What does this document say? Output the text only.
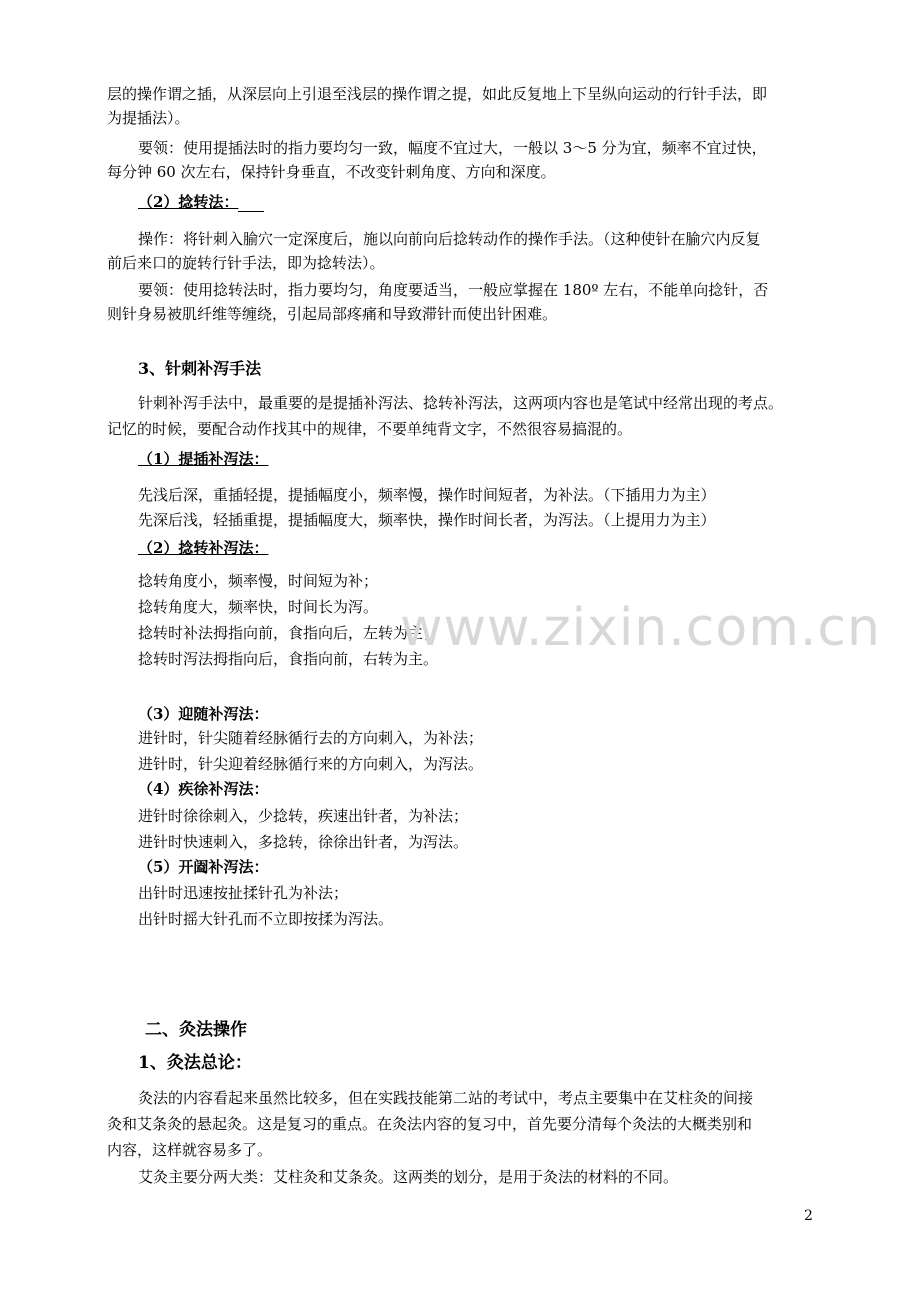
层的操作谓之插，从深层向上引退至浅层的操作谓之提，如此反复地上下呈纵向运动的行针手法，即
为提插法）。
要领：使用提插法时的指力要均匀一致，幅度不宜过大，一般以 3～5 分为宜，频率不宜过快，
每分钟 60 次左右，保持针身垂直，不改变针刺角度、方向和深度。
（2）捻转法：
操作：将针刺入腧穴一定深度后，施以向前向后捻转动作的操作手法。（这种使针在腧穴内反复
前后来口的旋转行针手法，即为捻转法）。
要领：使用捻转法时，指力要均匀，角度要适当，一般应掌握在 180º 左右，不能单向捻针，否
则针身易被肌纤维等缠绕，引起局部疼痛和导致滞针而使出针困难。
3、针刺补泻手法
针刺补泻手法中，最重要的是提插补泻法、捻转补泻法，这两项内容也是笔试中经常出现的考点。
记忆的时候，要配合动作找其中的规律，不要单纯背文字，不然很容易搞混的。
（1）提插补泻法：
先浅后深，重插轻提，提插幅度小，频率慢，操作时间短者，为补法。（下插用力为主）
先深后浅，轻插重提，提插幅度大，频率快，操作时间长者，为泻法。（上提用力为主）
（2）捻转补泻法：
捻转角度小，频率慢，时间短为补；
捻转角度大，频率快，时间长为泻。
捻转时补法拇指向前，食指向后，左转为主；
捻转时泻法拇指向后，食指向前，右转为主。
（3）迎随补泻法：
进针时，针尖随着经脉循行去的方向刺入，为补法；
进针时，针尖迎着经脉循行来的方向刺入，为泻法。
（4）疾徐补泻法：
进针时徐徐刺入，少捻转，疾速出针者，为补法；
进针时快速刺入，多捻转，徐徐出针者，为泻法。
（5）开阖补泻法：
出针时迅速按扯揉针孔为补法；
出针时摇大针孔而不立即按揉为泻法。
二、灸法操作
1、灸法总论：
灸法的内容看起来虽然比较多，但在实践技能第二站的考试中，考点主要集中在艾柱灸的间接
灸和艾条灸的悬起灸。这是复习的重点。在灸法内容的复习中，首先要分清每个灸法的大概类别和
内容，这样就容易多了。
艾灸主要分两大类：艾柱灸和艾条灸。这两类的划分，是用于灸法的材料的不同。
www.zixin.com.cn
2
